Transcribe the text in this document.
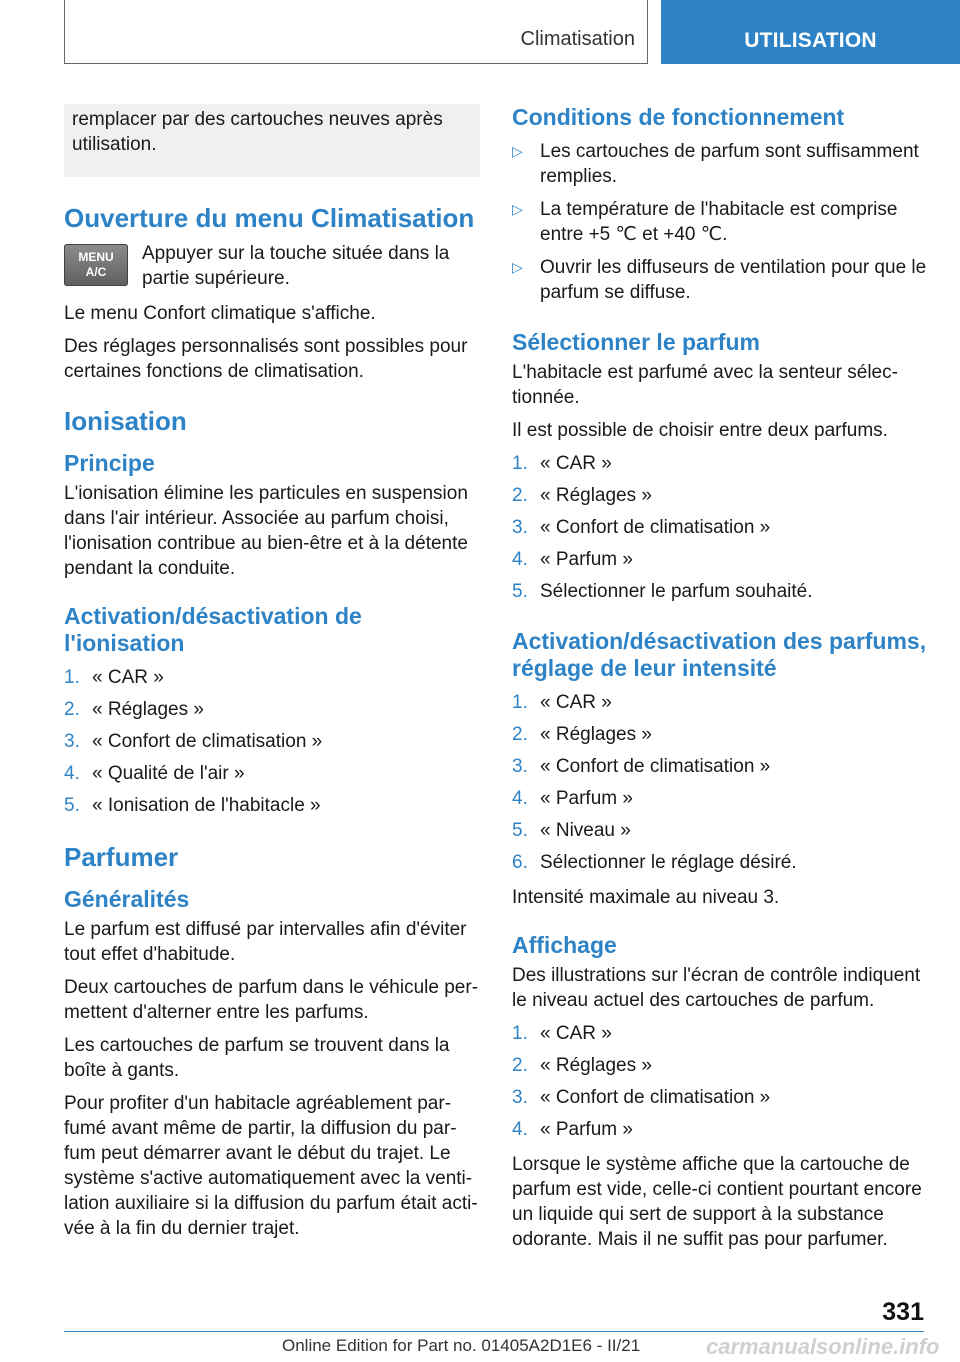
Climatisation	UTILISATION
remplacer par des cartouches neuves après utilisation.
Ouverture du menu Climatisation
MENU
A/C
Appuyer sur la touche située dans la partie supérieure.

Le menu Confort climatique s'affiche.

Des réglages personnalisés sont possibles pour certaines fonctions de climatisation.

Ionisation
Principe

L'ionisation élimine les particules en suspension dans l'air intérieur. Associée au parfum choisi, l'ionisation contribue au bien-être et à la détente pendant la conduite.

Activation/désactivation de l'ionisation
1. « CAR »
2. « Réglages »
3. « Confort de climatisation »
4. « Qualité de l'air »
5. « Ionisation de l'habitacle »
Parfumer
Généralités

Le parfum est diffusé par intervalles afin d'éviter tout effet d'habitude.

Deux cartouches de parfum dans le véhicule permettent d'alterner entre les parfums.

Les cartouches de parfum se trouvent dans la boîte à gants.

Pour profiter d'un habitacle agréablement parfumé avant même de partir, la diffusion du parfum peut démarrer avant le début du trajet. Le système s'active automatiquement avec la ventilation auxiliaire si la diffusion du parfum était activée à la fin du dernier trajet.

Conditions de fonctionnement
▷ Les cartouches de parfum sont suffisamment remplies.
▷ La température de l'habitacle est comprise entre +5 ℃ et +40 ℃.
▷ Ouvrir les diffuseurs de ventilation pour que le parfum se diffuse.
Sélectionner le parfum

L'habitacle est parfumé avec la senteur sélectionnée.

Il est possible de choisir entre deux parfums.

1. « CAR »
2. « Réglages »
3. « Confort de climatisation »
4. « Parfum »
5. Sélectionner le parfum souhaité.
Activation/désactivation des parfums, réglage de leur intensité
1. « CAR »
2. « Réglages »
3. « Confort de climatisation »
4. « Parfum »
5. « Niveau »
6. Sélectionner le réglage désiré.

Intensité maximale au niveau 3.

Affichage

Des illustrations sur l'écran de contrôle indiquent le niveau actuel des cartouches de parfum.

1. « CAR »
2. « Réglages »
3. « Confort de climatisation »
4. « Parfum »

Lorsque le système affiche que la cartouche de parfum est vide, celle-ci contient pourtant encore un liquide qui sert de support à la substance odorante. Mais il ne suffit pas pour parfumer.

331
Online Edition for Part no. 01405A2D1E6 - II/21	carmanualsonline.info
